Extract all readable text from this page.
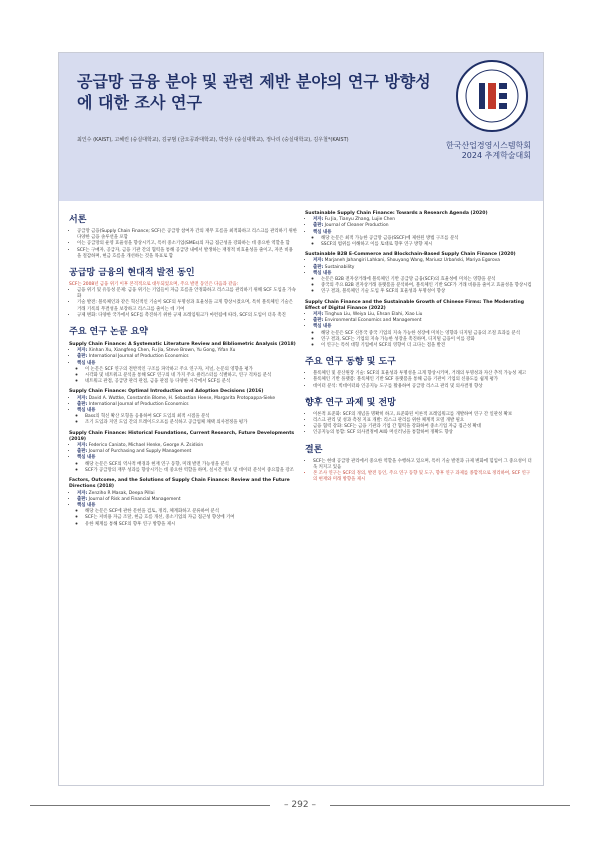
공급망 금융 분야 및 관련 제반 분야의 연구 방향성에 대한 조사 연구
최인수 (KAIST), 고혜린 (숭실대학교), 김규범 (금오공과대학교), 박성우 (숭실대학교), 정나리 (숭실대학교), 김우철*(KAIST)
한국산업경영시스템학회
2024 추계학술대회
서론
• 공급망 금융(Supply Chain Finance; SCF)은 공급망 참여자 간의 재무 흐름을 최적화하고 리스크를 관리하기 위한 다양한 금융 솔루션을 포함
• 이는 공급망의 운영 효율성을 향상시키고, 특히 중소기업(SMEs)의 자금 접근성을 강화하는 데 중요한 역할을 함
• SCF는 구매자, 공급자, 금융 기관 간의 협력을 통해 공급망 내에서 발생하는 재정적 비효율성을 줄이고, 자본 비용을 절감하며, 현금 흐름을 개선하는 것을 목표로 함
공급망 금융의 현대적 발전 동인
SCF는 2008년 금융 위기 이후 본격적으로 대두되었으며, 주요 발전 동인은 다음과 같음:
• 금융 위기 및 유동성 문제: 금융 위기는 기업들이 자금 흐름을 안정화하고 리스크를 관리하기 위해 SCF 도입을 가속화
• 기술 발전: 블록체인과 같은 혁신적인 기술이 SCF의 투명성과 효율성을 크게 향상시켰으며, 특히 블록체인 기술은 거래 기록의 무결성을 보장하고 리스크를 줄이는 데 기여
• 규제 변화: 다양한 국가에서 SCF를 촉진하기 위한 규제 프레임워크가 마련됨에 따라, SCF의 도입이 더욱 촉진
주요 연구 논문 요약
Supply Chain Finance: A Systematic Literature Review and Bibliometric Analysis (2018)
• 저자: Xinhan Xu, Xiangfeng Chen, Fu Jia, Steve Brown, Yu Gong, Yifan Xu
• 출판: International Journal of Production Economics
• 핵심 내용
◦ 이 논문은 SCF 연구의 전반적인 구조를 파악하고 주요 연구자, 저널, 논문의 영향을 평가
◦ 시각화 및 네트워크 분석을 통해 SCF 연구의 네 가지 주요 클러스터를 식별하고, 연구 격차를 분석
◦ 네트워크 관점, 공급망 관리 관점, 금융 관점 등 다양한 시각에서 SCF를 분석
Supply Chain Finance: Optimal Introduction and Adoption Decisions (2016)
• 저자: David A. Wuttke, Constantin Blome, H. Sebastian Heese, Margarita Protopappa-Sieke
• 출판: International Journal of Production Economics
• 핵심 내용
◦ Bass의 혁신 확산 모형을 응용하여 SCF 도입의 최적 시점을 분석
◦ 조기 도입과 지연 도입 간의 트레이드오프를 분석하고 공급업체 채택 의사결정을 평가
Supply Chain Finance: Historical Foundations, Current Research, Future Developments (2019)
• 저자: Federico Caniato, Michael Henke, George A. Zsidisin
• 출판: Journal of Purchasing and Supply Management
• 핵심 내용
◦ 해당 논문은 SCF의 역사적 배경과 현재 연구 동향, 미래 발전 가능성을 분석
◦ SCF가 공급망의 재무 성과를 향상시키는 데 중요한 역할을 하며, 실시간 정보 및 데이터 분석이 중요함을 강조
Factors, Outcome, and the Solutions of Supply Chain Finance: Review and the Future Directions (2018)
• 저자: Zenziho R Masak, Deepa Pillai
• 출판: Journal of Risk and Financial Management
• 핵심 내용
◦ 해당 논문은 SCF에 관한 문헌을 검토, 정리, 체계화하고 분류하여 분석
◦ SCF는 저비용 자금 조달, 현금 흐름 개선, 중소기업의 자금 접근성 향상에 기여
◦ 유한 체계를 통해 SCF의 향후 연구 방향을 제시
Sustainable Supply Chain Finance: Towards a Research Agenda (2020)
• 저자: Fu Jia, Tianyu Zhang, Lujie Chen
• 출판: Journal of Cleaner Production
• 핵심 내용
◦ 해당 논문은 최적 가능한 공급망 금융(SSCF)에 제한된 방법 구조를 분석
◦ SSCF의 범위를 이해하고 이를 토대로 향후 연구 방향 제시
Sustainable B2B E-Commerce and Blockchain-Based Supply Chain Finance (2020)
• 저자: Marjaneh Jahangiri Lahkani, Shouyang Wang, Mariusz Urbański, Mariya Egorova
• 출판: Sustainability
• 핵심 내용
◦ 논문은 B2B 전자상거래에 블록체인 기반 공급망 금융(SCF)의 효율성에 미치는 영향을 분석
◦ 중국의 주요 B2B 전자상거래 플랫폼을 분석하여, 블록체인 기반 SCF가 거래 비용을 줄이고 효율성을 향상시킴
◦ 연구 결과, 블록체인 기술 도입 후 SCF의 효율성과 투명성이 향상
Supply Chain Finance and the Sustainable Growth of Chinese Firms: The Moderating Effect of Digital Finance (2022)
• 저자: Tinghua Liu, Weiya Liu, Ehsan Elahi, Xiao Liu
• 출판: Environmental Economics and Management
• 핵심 내용
◦ 해당 논문은 SCF 신흥국 중국 기업의 지속 가능한 성장에 미치는 영향과 디지털 금융의 조절 효과를 분석
◦ 연구 결과, SCF는 기업의 지속 가능한 성장을 촉진하며, 디지털 금융이 이를 강화
◦ 이 연구는 특히 대형 기업에서 SCF의 영향이 더 크다는 점을 발견
주요 연구 동향 및 도구
• 블록체인 및 분산원장 기술: SCF의 효율성과 투명성을 크게 향상시키며, 거래의 투명성과 자산 추적 가능성 제고
• 블록체인 기반 플랫폼: 블록체인 기반 SCF 플랫폼을 통해 금융 기관이 기업의 신용도를 쉽게 평가
• 데이터 분석: 빅데이터와 인공지능 도구를 활용하여 공급망 리스크 관리 및 의사결정 향상
향후 연구 과제 및 전망
• 이론적 표준화: SCF의 개념을 명확히 하고, 표준화된 이론적 프레임워크를 개발하여 연구 간 일관성 확보
• 리스크 관리 및 성과 측정 지표 개발: 리스크 관리를 위한 체계적 모델 개발 필요
• 금융 협력 강화: SCF는 금융 기관과 기업 간 협력을 강화하여 중소기업 자금 접근성 확대
• 인공지능의 통합: SCF 의사결정에 AI와 머신러닝을 통합하여 정확도 향상
결론
• SCF는 현대 공급망 관리에서 중요한 역할을 수행하고 있으며, 특히 기술 발전과 규제 변화에 힘입어 그 중요성이 더욱 커지고 있음
• 본 조사 연구는 SCF의 정의, 발전 동인, 주요 연구 동향 및 도구, 향후 연구 과제를 종합적으로 정리하여, SCF 연구의 현재와 미래 방향을 제시
– 292 –
